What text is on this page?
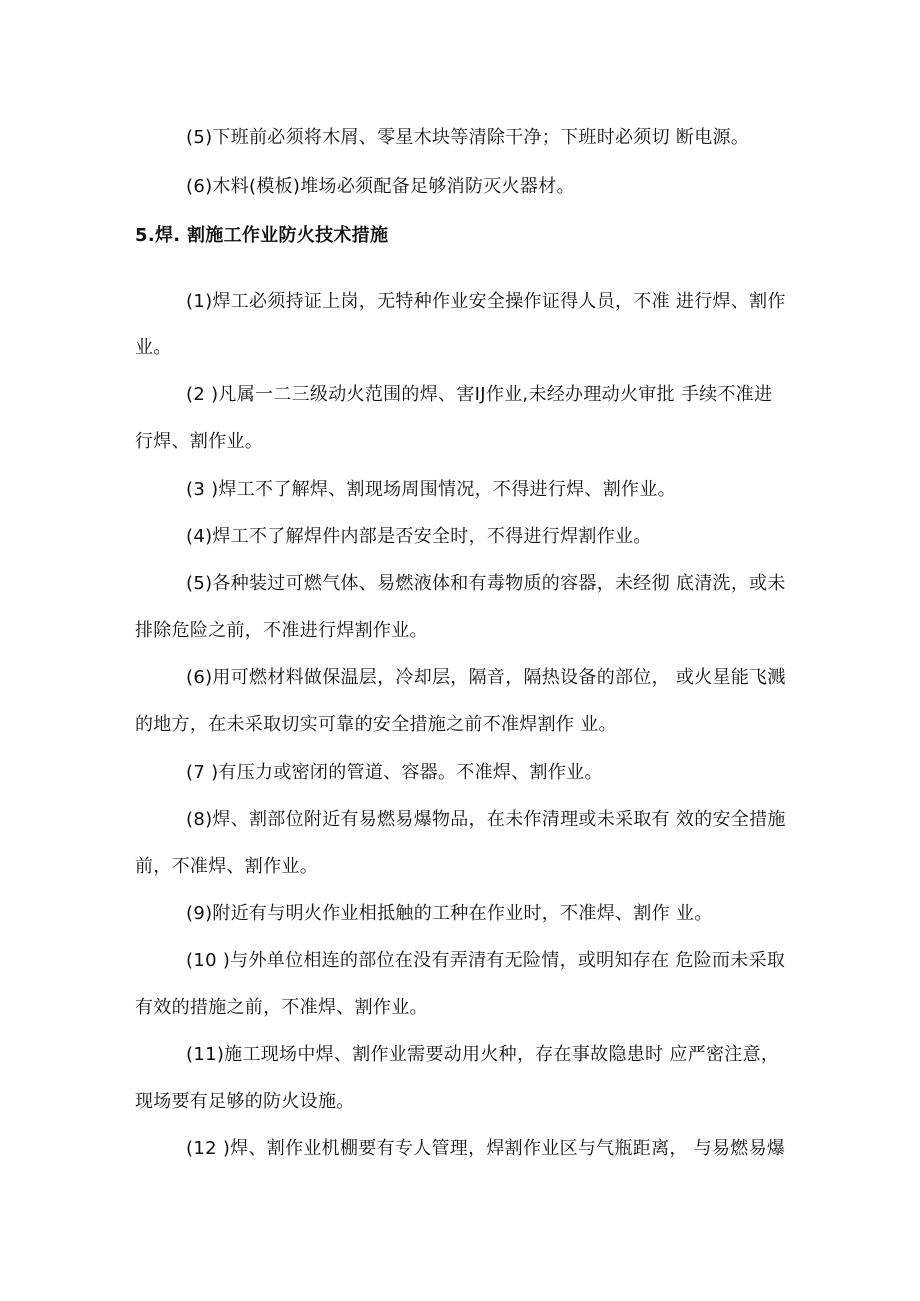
(5)下班前必须将木屑、零星木块等清除干净；下班时必须切 断电源。
(6)木料(模板)堆场必须配备足够消防灭火器材。
5.焊. 割施工作业防火技术措施
(1)焊工必须持证上岗，无特种作业安全操作证得人员，不准 进行焊、割作
业。
(2 )凡属一二三级动火范围的焊、害IJ作业,未经办理动火审批 手续不准进
行焊、割作业。
(3 )焊工不了解焊、割现场周围情况，不得进行焊、割作业。
(4)焊工不了解焊件内部是否安全时，不得进行焊割作业。
(5)各种装过可燃气体、易燃液体和有毒物质的容器，未经彻 底清洗，或未
排除危险之前，不准进行焊割作业。
(6)用可燃材料做保温层，冷却层，隔音，隔热设备的部位， 或火星能飞溅
的地方，在未采取切实可靠的安全措施之前不准焊割作 业。
(7 )有压力或密闭的管道、容器。不准焊、割作业。
(8)焊、割部位附近有易燃易爆物品，在未作清理或未采取有 效的安全措施
前，不准焊、割作业。
(9)附近有与明火作业相抵触的工种在作业时，不准焊、割作 业。
(10 )与外单位相连的部位在没有弄清有无险情，或明知存在 危险而未采取
有效的措施之前，不准焊、割作业。
(11)施工现场中焊、割作业需要动用火种，存在事故隐患时 应严密注意，
现场要有足够的防火设施。
(12 )焊、割作业机棚要有专人管理，焊割作业区与气瓶距离， 与易燃易爆
